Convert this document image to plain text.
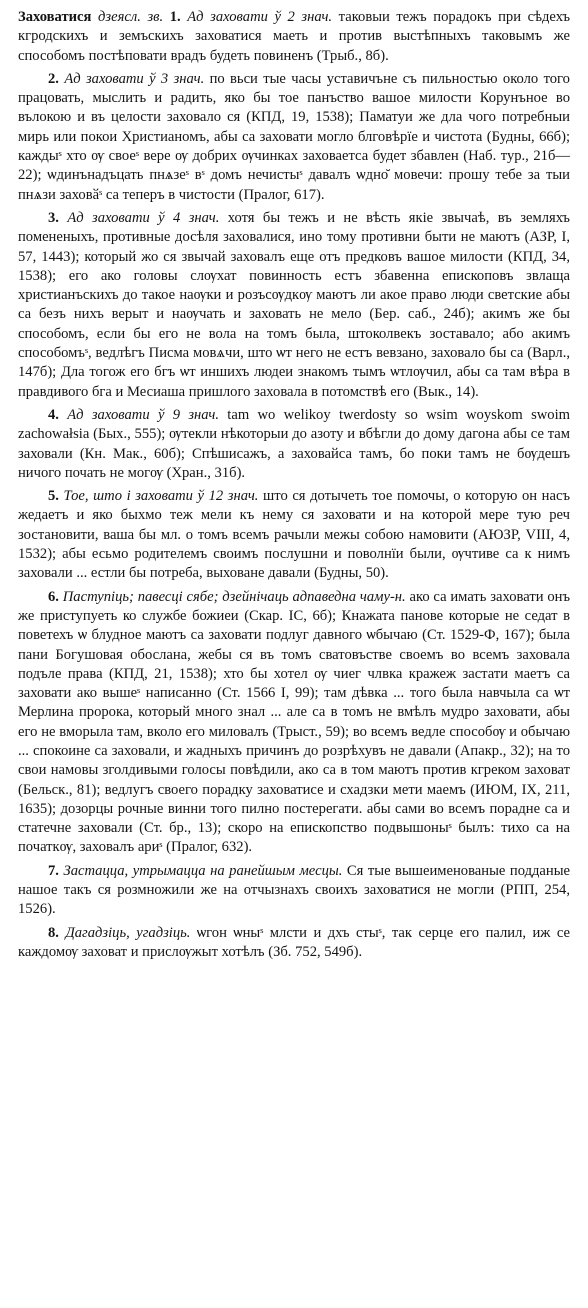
Заховатися дзеясл. зв. 1. Ад заховати ў 2 знач. таковыи тежъ порадокъ при сѣдехъ кгродскихъ и земъскихъ заховатися маеть и против выстѣпныхъ таковымъ же способомъ постѣповати врадъ будеть повиненъ (Трыб., 8б).

2. Ад заховати ў 3 знач. по вьси тые часы уставичъне съ пильностью около того працовать, мыслить и радить, яко бы тое панъство вашое милости Корунъное во вълокою и въ целости заховало ся (КПД, 19, 1538); Паматуи же дла чого потребныи мирь или покои Христианомъ, абы са заховати могло блговѣрїе и чистота (Будны, 66б); каждыˢ хто ѹ своеˢ вере ѹ добрих ѹчинках заховаетса будет збавлен (Наб. тур., 21б—22); ѡдинънадъцать пнѧзеˢ вˢ домъ нечистыˢ давалъ ѡдно̆ мовечи: прошу тебе за тыи пнѧзи заховӑˢ са теперъ в чистости (Пралог, 617).

3. Ад заховати ў 4 знач. хотя бы тежъ и не вѣсть якіе звычаѣ, въ земляхъ помененыхъ, противные досѣля заховалися, ино тому противни быти не маютъ (АЗР, I, 57, 1443); который жо ся звычай заховалъ еще отъ предковъ вашое милости (КПД, 34, 1538); его ако головы слѹхат повинность естъ збавенна епископовъ звлаща христианъскихъ до такое наѹки и розъсѹдкѹ маютъ ли акое право люди светские абы са безъ нихъ верыт и наѹчать и заховать не мело (Бер. саб., 24б); акимъ же бы способомъ, если бы его не вола на томъ была, штоколвекъ зоставало; або акимъ способомъˢ, ведлѣгъ Писма мовѧчи, што ѡт него не естъ вевзано, заховало бы са (Варл., 147б); Дла тогож его бгъ ѡт иншихъ людеи знакомъ тымъ ѡтлѹчил, абы са там вѣра в правдивого бга и Месиаша пришлого заховала в потомствѣ его (Вык., 14).

4. Ад заховати ў 9 знач. tam wo welikoy twerdosty so wsim woyskom swoim zachowałsia (Бых., 555); ѹтекли нѣкоторыи до азоту и вбѣгли до дому дагона абы се там заховали (Кн. Мак., 60б); Спѣшисажъ, а заховайса тамъ, бо поки тамъ не бѹдешъ ничого почать не могѹ (Хран., 31б).

5. Тое, што і заховати ў 12 знач. што ся дотычеть тое помочы, о которую он насъ жедаетъ и яко быхмо теж мели къ нему ся заховати и на которой мере тую реч зостановити, ваша бы мл. о томъ всемъ рачыли межы собою намовити (АЮЗР, VIII, 4, 1532); абы есьмо родителемъ своимъ послушни и поволнїи были, ѹчтиве са к нимъ заховали ... естли бы потреба, выховане давали (Будны, 50).

6. Паступіць; павесці сябе; дзейнічаць адпаведна чаму-н. ако са имать заховати онъ же приступуеть ко службе божиеи (Скар. IC, 6б); Кнажата панове которые не седат в поветехъ ѡ блудное маютъ са заховати подлуг давного ѡбычаю (Ст. 1529-Ф, 167); была пани Богушовая обослана, жебы ся въ томъ сватовъстве своемъ во всемъ заховала подъле права (КПД, 21, 1538); хто бы хотел ѹ чиег члвка кражеж застати маетъ са заховати ако вышеˢ написанно (Ст. 1566 I, 99); там дѣвка ... того была навчыла са ѡт Мерлина пророка, который много знал ... але са в томъ не вмѣлъ мудро заховати, абы его не вморыла там, вколо его миловалъ (Трыст., 59); во всемъ ведле способѹ и обычаю ... спокоине са заховали, и жадныхъ причинъ до розрѣхувъ не давали (Апакр., 32); на то свои намовы зголдивыми голосы повѣдили, ако са в том маютъ против кгреком заховат (Бельск., 81); ведлугъ своего порадку заховатисе и схадзки мети маемъ (ИЮМ, IX, 211, 1635); дозорцы рочные винни того пилно постерегати. абы сами во всемъ порадне са и статечне заховали (Ст. бр., 13); скоро на епископство подвышоныˢ былъ: тихо са на початкѹ, заховалъ ариˢ (Пралог, 632).

7. Застацца, утрымацца на ранейшым месцы. Ся тые вышеименованые подданые нашое такъ ся розмножили же на отчызнахъ своихъ заховатися не могли (РПП, 254, 1526).

8. Дагадзіць, угадзіць. ѡгон ѡныˢ млсти и дхъ стыˢ, так серце его палил, иж се каждомѹ заховат и прислѹжыт хотѣлъ (Зб. 752, 549б).
